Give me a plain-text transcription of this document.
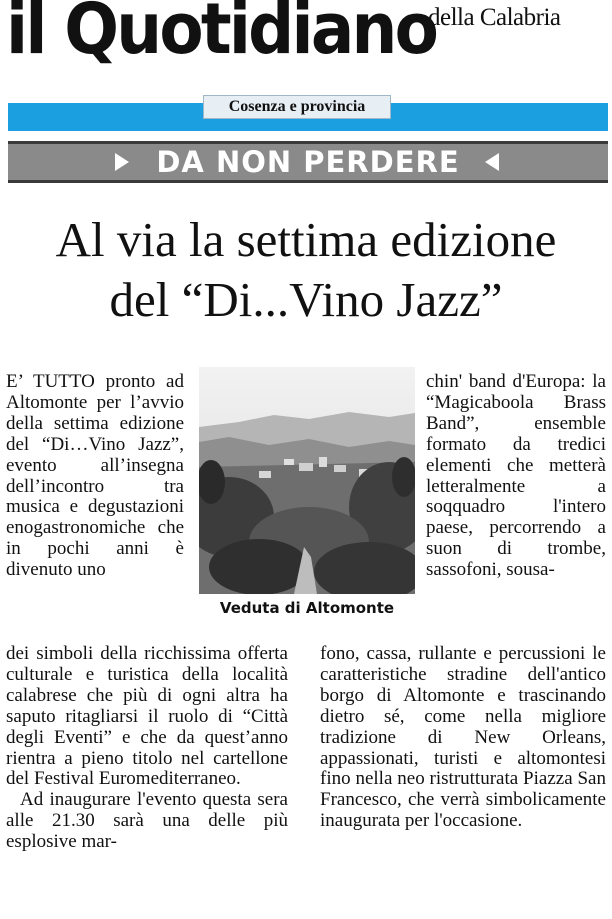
il Quotidiano
della Calabria
Cosenza e provincia
DA NON PERDERE
Al via la settima edizione
del “Di...Vino Jazz”

E’ TUTTO pronto ad Altomonte per l’avvio della settima edizione del “Di…Vino Jazz”, evento all’insegna dell’incontro tra musica e degustazioni enogastronomiche che in pochi anni è divenuto uno

Veduta di Altomonte

chin' band d'Europa: la “Magicaboola Brass Band”, ensemble formato da tredici elementi che metterà letteralmente a soqquadro l'intero paese, percorrendo a suon di trombe, sassofoni, sousa-

dei simboli della ricchissima offerta culturale e turistica della località calabrese che più di ogni altra ha saputo ritagliarsi il ruolo di “Città degli Eventi” e che da quest’anno rientra a pieno titolo nel cartellone del Festival Euromediterraneo.

Ad inaugurare l'evento questa sera alle 21.30 sarà una delle più esplosive mar-

fono, cassa, rullante e percussioni le caratteristiche stradine dell'antico borgo di Altomonte e trascinando dietro sé, come nella migliore tradizione di New Orleans, appassionati, turisti e altomontesi fino nella neo ristrutturata Piazza San Francesco, che verrà simbolicamente inaugurata per l'occasione.
